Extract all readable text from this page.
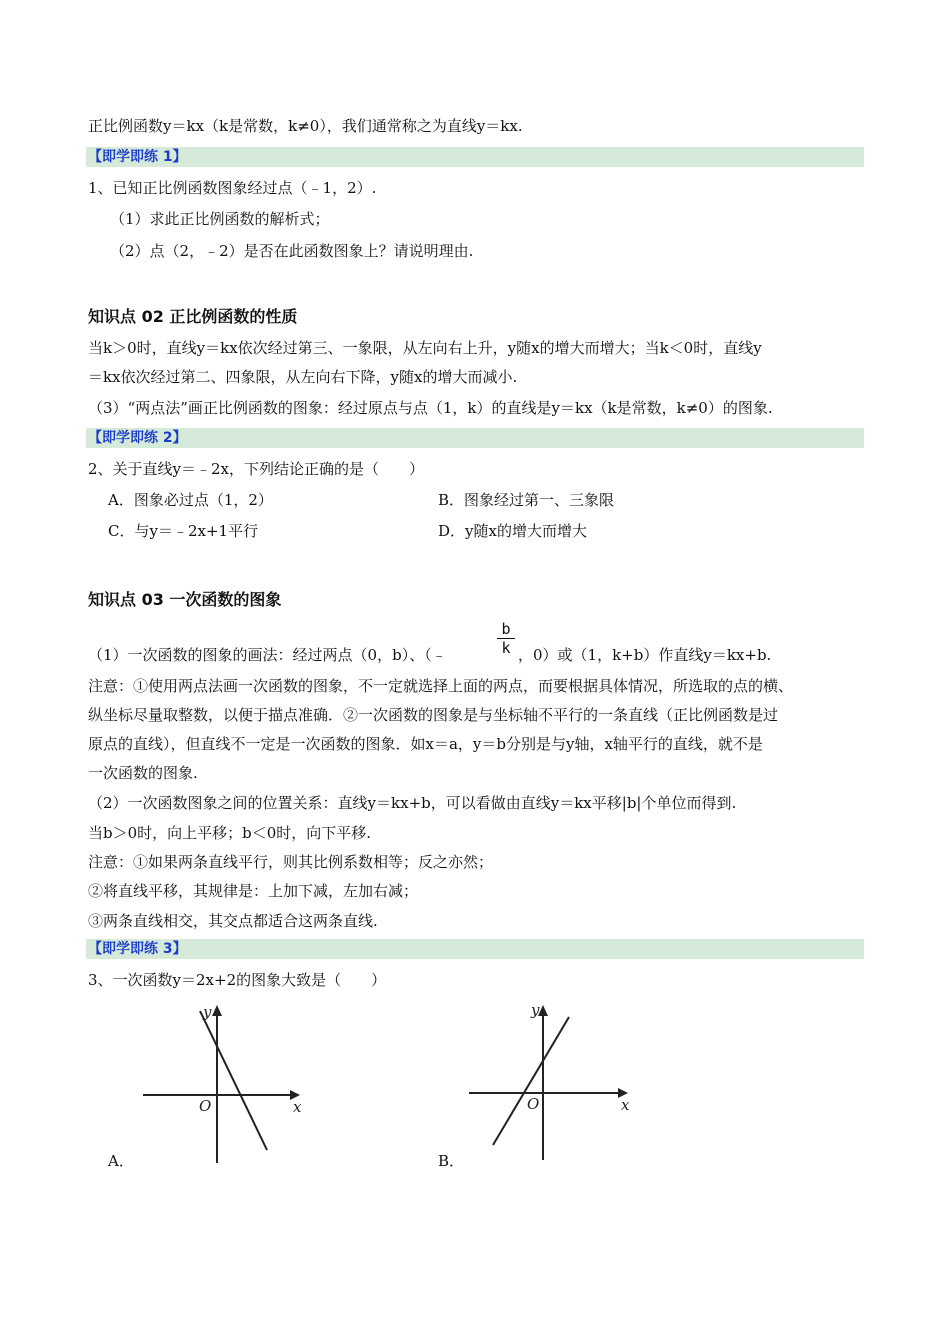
正比例函数y＝kx（k是常数，k≠0），我们通常称之为直线y＝kx.
【即学即练 1】
1、已知正比例函数图象经过点（﹣1，2）.
（1）求此正比例函数的解析式；
（2）点（2，﹣2）是否在此函数图象上？请说明理由.
知识点 02 正比例函数的性质
当k＞0时，直线y＝kx依次经过第三、一象限，从左向右上升，y随x的增大而增大；当k＜0时，直线y
＝kx依次经过第二、四象限，从左向右下降，y随x的增大而减小.
（3）“两点法”画正比例函数的图象：经过原点与点（1，k）的直线是y＝kx（k是常数，k≠0）的图象.
【即学即练 2】
2、关于直线y＝﹣2x，下列结论正确的是（　　）
A．图象必过点（1，2）	B．图象经过第一、三象限
C．与y＝﹣2x+1平行	D．y随x的增大而增大
知识点 03 一次函数的图象
（1）一次函数的图象的画法：经过两点（0，b）、（﹣	$\frac{b}{k}$ ，0）或（1，k+b）作直线y＝kx+b.
注意：①使用两点法画一次函数的图象，不一定就选择上面的两点，而要根据具体情况，所选取的点的横、
纵坐标尽量取整数，以便于描点准确．②一次函数的图象是与坐标轴不平行的一条直线（正比例函数是过
原点的直线），但直线不一定是一次函数的图象．如x＝a，y＝b分别是与y轴，x轴平行的直线，就不是
一次函数的图象.
（2）一次函数图象之间的位置关系：直线y＝kx+b，可以看做由直线y＝kx平移|b|个单位而得到.
当b＞0时，向上平移；b＜0时，向下平移.
注意：①如果两条直线平行，则其比例系数相等；反之亦然；
②将直线平移，其规律是：上加下减，左加右减；
③两条直线相交，其交点都适合这两条直线.
【即学即练 3】
3、一次函数y＝2x+2的图象大致是（　　）
y
x
O
A．
y
x
O
B．
